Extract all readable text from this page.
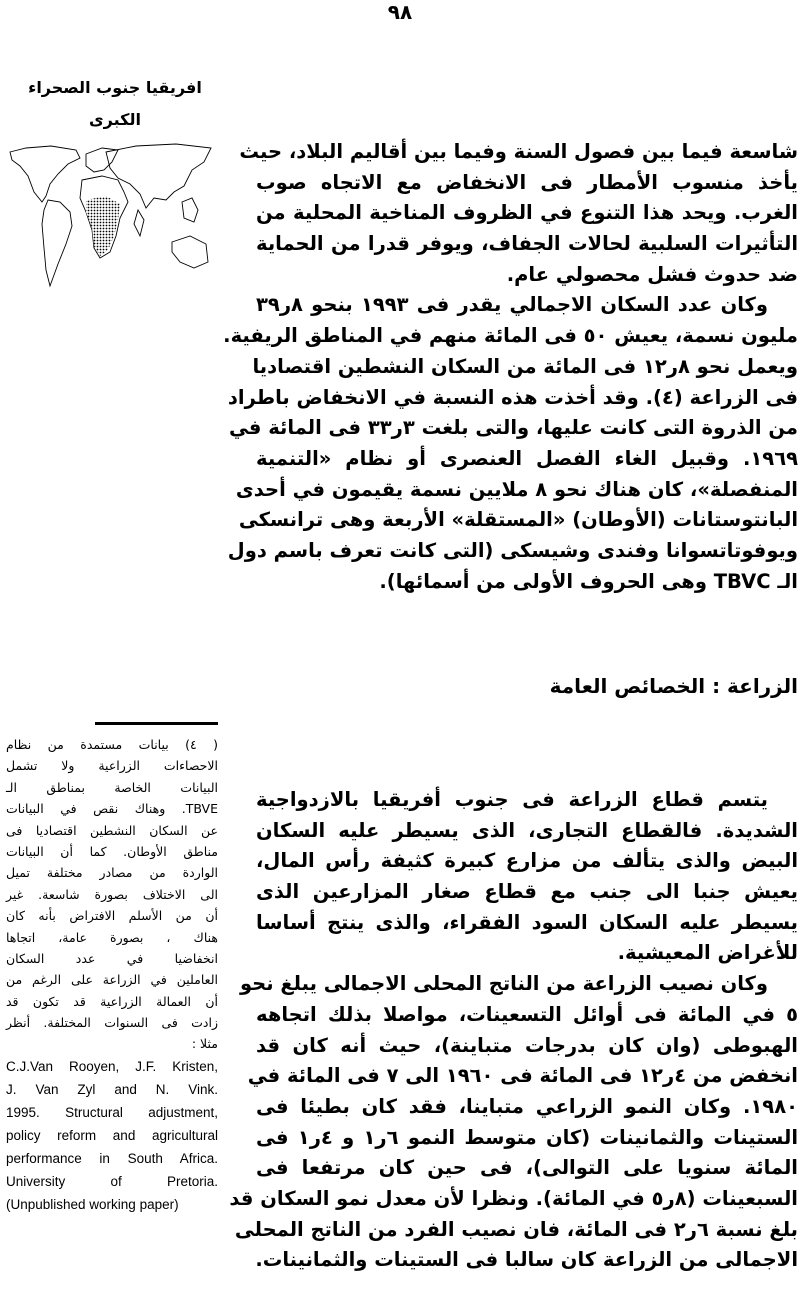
٩٨
افريقيا جنوب الصحراء
الكبرى
شاسعة فيما بين فصول السنة وفيما بين أقاليم البلاد، حيث
يأخذ منسوب الأمطار فى الانخفاض مع الاتجاه صوب
الغرب. ويحد هذا التنوع في الظروف المناخية المحلية من
التأثيرات السلبية لحالات الجفاف، ويوفر قدرا من الحماية
ضد حدوث فشل محصولي عام.
وكان عدد السكان الاجمالي يقدر فى ١٩٩٣ بنحو ٨ر٣٩
مليون نسمة، يعيش ٥٠ فى المائة منهم في المناطق الريفية.
ويعمل نحو ٨ر١٢ فى المائة من السكان النشطين اقتصاديا
فى الزراعة (٤). وقد أخذت هذه النسبة في الانخفاض باطراد
من الذروة التى كانت عليها، والتى بلغت ٣ر٣٣ فى المائة في
١٩٦٩. وقبيل الغاء الفصل العنصرى أو نظام «التنمية
المنفصلة»، كان هناك نحو ٨ ملايين نسمة يقيمون في أحدى
البانتوستانات (الأوطان) «المستقلة» الأربعة وهى ترانسكى
ويوفوتاتسوانا وفندى وشيسكى (التى كانت تعرف باسم دول
الـ TBVC وهى الحروف الأولى من أسمائها).
الزراعة : الخصائص العامة
يتسم قطاع الزراعة فى جنوب أفريقيا بالازدواجية
الشديدة. فالقطاع التجارى، الذى يسيطر عليه السكان
البيض والذى يتألف من مزارع كبيرة كثيفة رأس المال،
يعيش جنبا الى جنب مع قطاع صغار المزارعين الذى
يسيطر عليه السكان السود الفقراء، والذى ينتج أساسا
للأغراض المعيشية.
وكان نصيب الزراعة من الناتج المحلى الاجمالى يبلغ نحو
٥ في المائة فى أوائل التسعينات، مواصلا بذلك اتجاهه
الهبوطى (وان كان بدرجات متباينة)، حيث أنه كان قد
انخفض من ٤ر١٢ فى المائة فى ١٩٦٠ الى ٧ فى المائة في
١٩٨٠. وكان النمو الزراعي متباينا، فقد كان بطيئا فى
الستينات والثمانينات (كان متوسط النمو ٦ر١ و ٤ر١ فى
المائة سنويا على التوالى)، فى حين كان مرتفعا فى
السبعينات (٨ر٥ في المائة). ونظرا لأن معدل نمو السكان قد
بلغ نسبة ٦ر٢ فى المائة، فان نصيب الفرد من الناتج المحلى
الاجمالى من الزراعة كان سالبا فى الستينات والثمانينات.
( ٤) بيانات مستمدة من نظام
الاحصاءات الزراعية ولا تشمل
البيانات الخاصة بمناطق الـ
TBVE. وهناك نقص في البيانات
عن السكان النشطين اقتصاديا فى
مناطق الأوطان. كما أن البيانات
الواردة من مصادر مختلفة تميل
الى الاختلاف بصورة شاسعة. غير
أن من الأسلم الافتراض بأنه كان
هناك ، بصورة عامة، اتجاها
انخفاضيا في عدد السكان
العاملين في الزراعة على الرغم من
أن العمالة الزراعية قد تكون قد
زادت فى السنوات المختلفة. أنظر
مثلا :
C.J.Van Rooyen, J.F. Kristen,
J. Van Zyl and N. Vink.
1995. Structural adjustment,
policy reform and agricultural
performance in South Africa.
University of Pretoria.
(Unpublished working paper)
